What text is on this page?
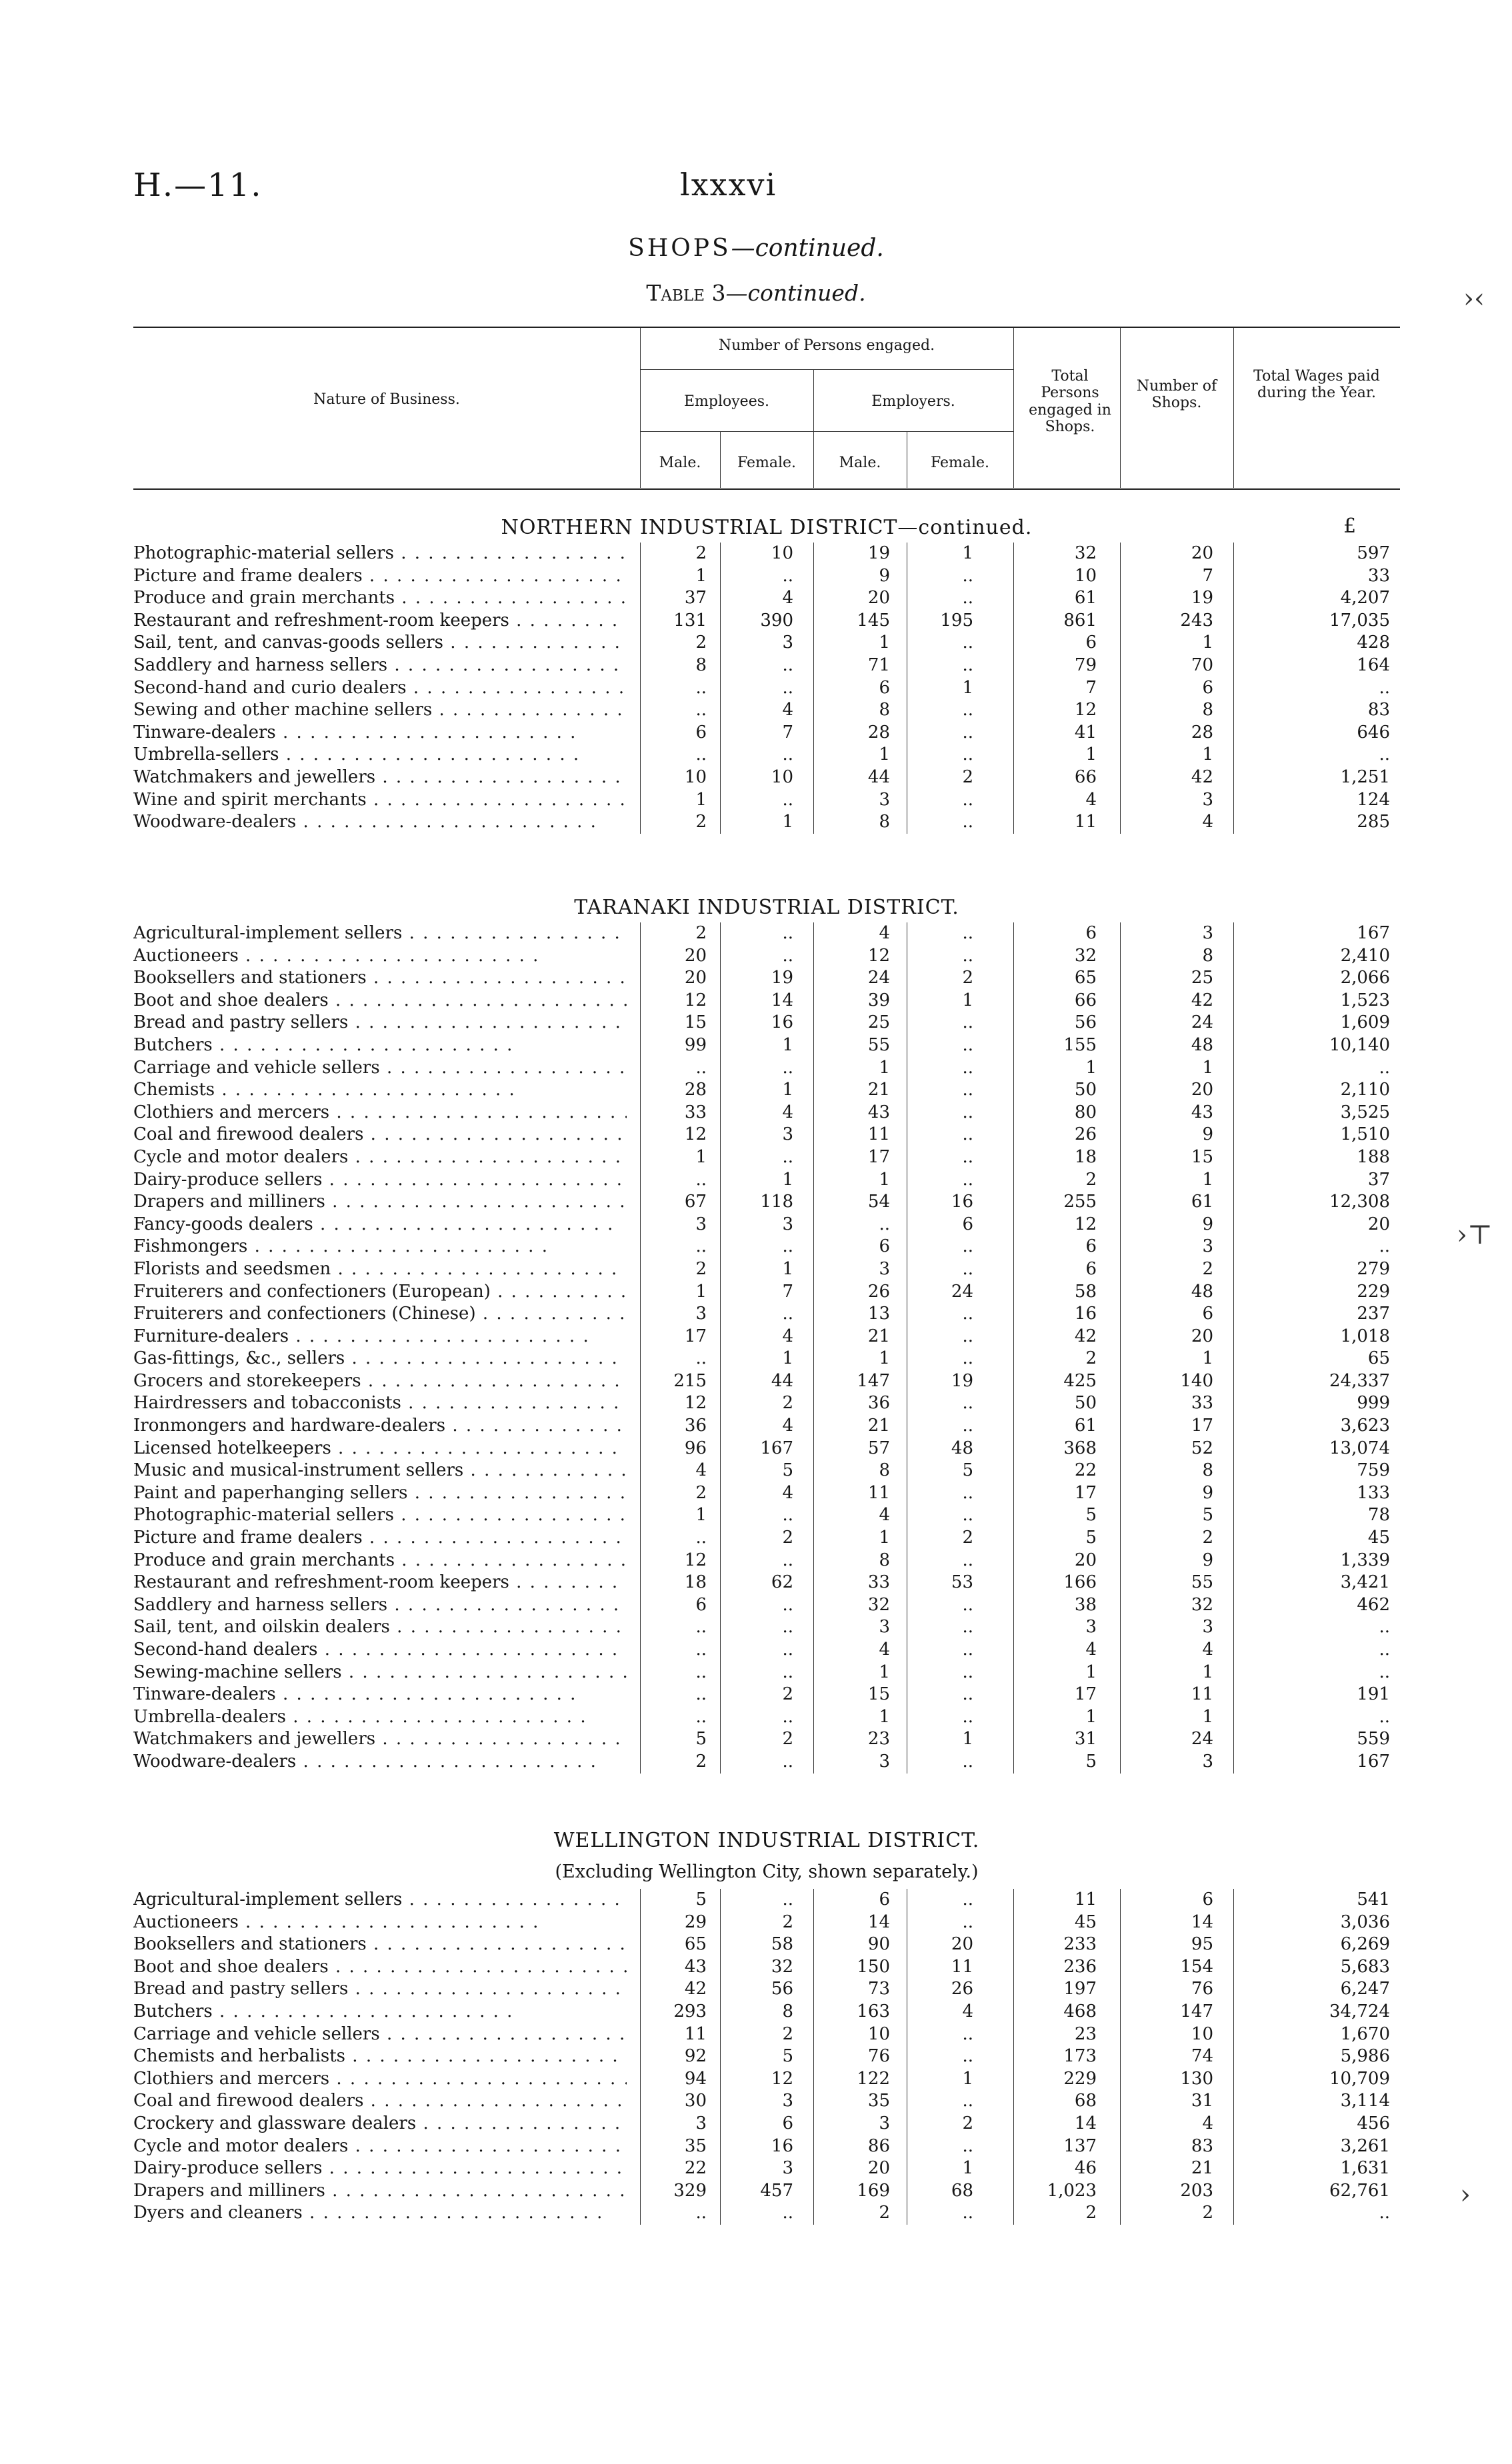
H.—11.	lxxxvi
SHOPS—continued.
Table 3—continued.
Nature of Business.
Number of Persons engaged.
Employees.	Employers.
Male.	Female.	Male.	Female.
Total Persons engaged in Shops.
Number of Shops.
Total Wages paid during the Year.
NORTHERN INDUSTRIAL DISTRICT—continued.	£
Photographic-material sellers . .	2	10	19	1	32	20	597
Picture and frame dealers . .	1	..	9	..	10	7	33
Produce and grain merchants . .	37	4	20	..	61	19	4,207
Restaurant and refreshment-room keepers . .	131	390	145	195	861	243	17,035
Sail, tent, and canvas-goods sellers . .	2	3	1	..	6	1	428
Saddlery and harness sellers . .	8	..	71	..	79	70	164
Second-hand and curio dealers . .	..	..	6	1	7	6	..
Sewing and other machine sellers . .	..	4	8	..	12	8	83
Tinware-dealers . .	6	7	28	..	41	28	646
Umbrella-sellers . .	..	..	1	..	1	1	..
Watchmakers and jewellers . .	10	10	44	2	66	42	1,251
Wine and spirit merchants . .	1	..	3	..	4	3	124
Woodware-dealers . .	2	1	8	..	11	4	285
TARANAKI INDUSTRIAL DISTRICT.
Agricultural-implement sellers . .	2	..	4	..	6	3	167
Auctioneers . .	20	..	12	..	32	8	2,410
Booksellers and stationers . .	20	19	24	2	65	25	2,066
Boot and shoe dealers . .	12	14	39	1	66	42	1,523
Bread and pastry sellers . .	15	16	25	..	56	24	1,609
Butchers . .	99	1	55	..	155	48	10,140
Carriage and vehicle sellers . .	..	..	1	..	1	1	..
Chemists . .	28	1	21	..	50	20	2,110
Clothiers and mercers . .	33	4	43	..	80	43	3,525
Coal and firewood dealers . .	12	3	11	..	26	9	1,510
Cycle and motor dealers . .	1	..	17	..	18	15	188
Dairy-produce sellers . .	..	1	1	..	2	1	37
Drapers and milliners . .	67	118	54	16	255	61	12,308
Fancy-goods dealers . .	3	3	..	6	12	9	20
Fishmongers . .	..	..	6	..	6	3	..
Florists and seedsmen . .	2	1	3	..	6	2	279
Fruiterers and confectioners (European) . .	1	7	26	24	58	48	229
Fruiterers and confectioners (Chinese) . .	3	..	13	..	16	6	237
Furniture-dealers . .	17	4	21	..	42	20	1,018
Gas-fittings, &c., sellers . .	..	1	1	..	2	1	65
Grocers and storekeepers . .	215	44	147	19	425	140	24,337
Hairdressers and tobacconists . .	12	2	36	..	50	33	999
Ironmongers and hardware-dealers . .	36	4	21	..	61	17	3,623
Licensed hotelkeepers . .	96	167	57	48	368	52	13,074
Music and musical-instrument sellers . .	4	5	8	5	22	8	759
Paint and paperhanging sellers . .	2	4	11	..	17	9	133
Photographic-material sellers . .	1	..	4	..	5	5	78
Picture and frame dealers . .	..	2	1	2	5	2	45
Produce and grain merchants . .	12	..	8	..	20	9	1,339
Restaurant and refreshment-room keepers . .	18	62	33	53	166	55	3,421
Saddlery and harness sellers . .	6	..	32	..	38	32	462
Sail, tent, and oilskin dealers . .	..	..	3	..	3	3	..
Second-hand dealers . .	..	..	4	..	4	4	..
Sewing-machine sellers . .	..	..	1	..	1	1	..
Tinware-dealers . .	..	2	15	..	17	11	191
Umbrella-dealers . .	..	..	1	..	1	1	..
Watchmakers and jewellers . .	5	2	23	1	31	24	559
Woodware-dealers . .	2	..	3	..	5	3	167
WELLINGTON INDUSTRIAL DISTRICT.
(Excluding Wellington City, shown separately.)
Agricultural-implement sellers . .	5	..	6	..	11	6	541
Auctioneers . .	29	2	14	..	45	14	3,036
Booksellers and stationers . .	65	58	90	20	233	95	6,269
Boot and shoe dealers . .	43	32	150	11	236	154	5,683
Bread and pastry sellers . .	42	56	73	26	197	76	6,247
Butchers . .	293	8	163	4	468	147	34,724
Carriage and vehicle sellers . .	11	2	10	..	23	10	1,670
Chemists and herbalists . .	92	5	76	..	173	74	5,986
Clothiers and mercers . .	94	12	122	1	229	130	10,709
Coal and firewood dealers . .	30	3	35	..	68	31	3,114
Crockery and glassware dealers . .	3	6	3	2	14	4	456
Cycle and motor dealers . .	35	16	86	..	137	83	3,261
Dairy-produce sellers . .	22	3	20	1	46	21	1,631
Drapers and milliners . .	329	457	169	68	1,023	203	62,761
Dyers and cleaners . .	..	..	2	..	2	2	..
›‹
›⊤
›
